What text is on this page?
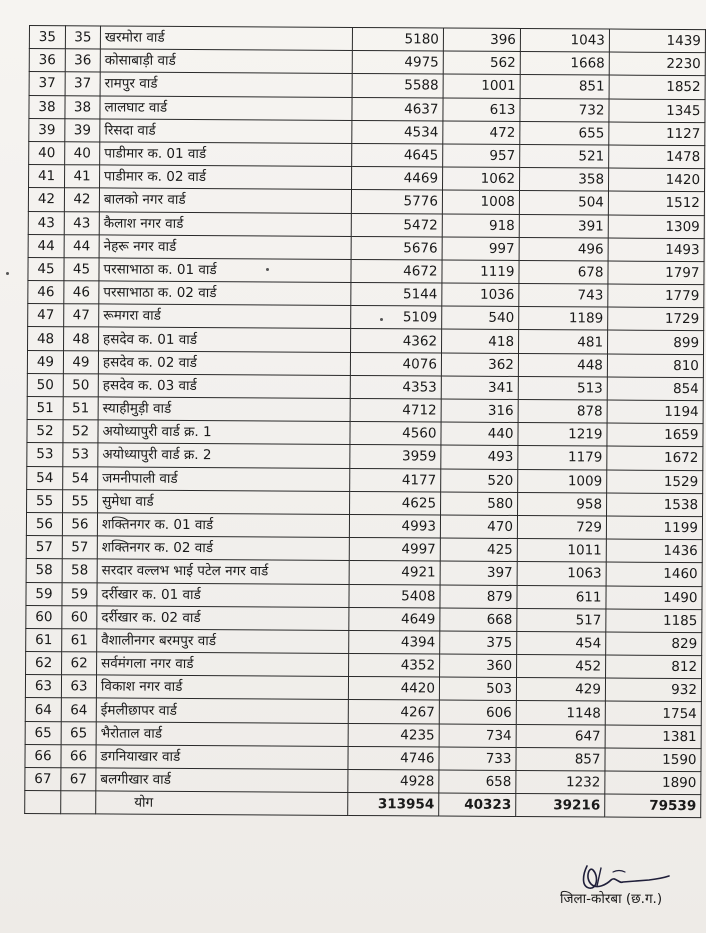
35	35	खरमोरा वार्ड	5180	396	1043	1439
36	36	कोसाबाड़ी वार्ड	4975	562	1668	2230
37	37	रामपुर वार्ड	5588	1001	851	1852
38	38	लालघाट वार्ड	4637	613	732	1345
39	39	रिसदा वार्ड	4534	472	655	1127
40	40	पाडीमार क. 01 वार्ड	4645	957	521	1478
41	41	पाडीमार क. 02 वार्ड	4469	1062	358	1420
42	42	बालको नगर वार्ड	5776	1008	504	1512
43	43	कैलाश नगर वार्ड	5472	918	391	1309
44	44	नेहरू नगर वार्ड	5676	997	496	1493
45	45	परसाभाठा क. 01 वार्ड	4672	1119	678	1797
46	46	परसाभाठा क. 02 वार्ड	5144	1036	743	1779
47	47	रूमगरा वार्ड	5109	540	1189	1729
48	48	हसदेव क. 01 वार्ड	4362	418	481	899
49	49	हसदेव क. 02 वार्ड	4076	362	448	810
50	50	हसदेव क. 03 वार्ड	4353	341	513	854
51	51	स्याहीमुड़ी वार्ड	4712	316	878	1194
52	52	अयोध्यापुरी वार्ड क्र. 1	4560	440	1219	1659
53	53	अयोध्यापुरी वार्ड क्र. 2	3959	493	1179	1672
54	54	जमनीपाली वार्ड	4177	520	1009	1529
55	55	सुमेधा वार्ड	4625	580	958	1538
56	56	शक्तिनगर क. 01 वार्ड	4993	470	729	1199
57	57	शक्तिनगर क. 02 वार्ड	4997	425	1011	1436
58	58	सरदार वल्लभ भाई पटेल नगर वार्ड	4921	397	1063	1460
59	59	दर्रीखार क. 01 वार्ड	5408	879	611	1490
60	60	दर्रीखार क. 02 वार्ड	4649	668	517	1185
61	61	वैशालीनगर बरमपुर वार्ड	4394	375	454	829
62	62	सर्वमंगला नगर वार्ड	4352	360	452	812
63	63	विकाश नगर वार्ड	4420	503	429	932
64	64	ईमलीछापर वार्ड	4267	606	1148	1754
65	65	भैरोताल वार्ड	4235	734	647	1381
66	66	डगनियाखार वार्ड	4746	733	857	1590
67	67	बलगीखार वार्ड	4928	658	1232	1890
		योग	313954	40323	39216	79539
जिला-कोरबा (छ.ग.)
